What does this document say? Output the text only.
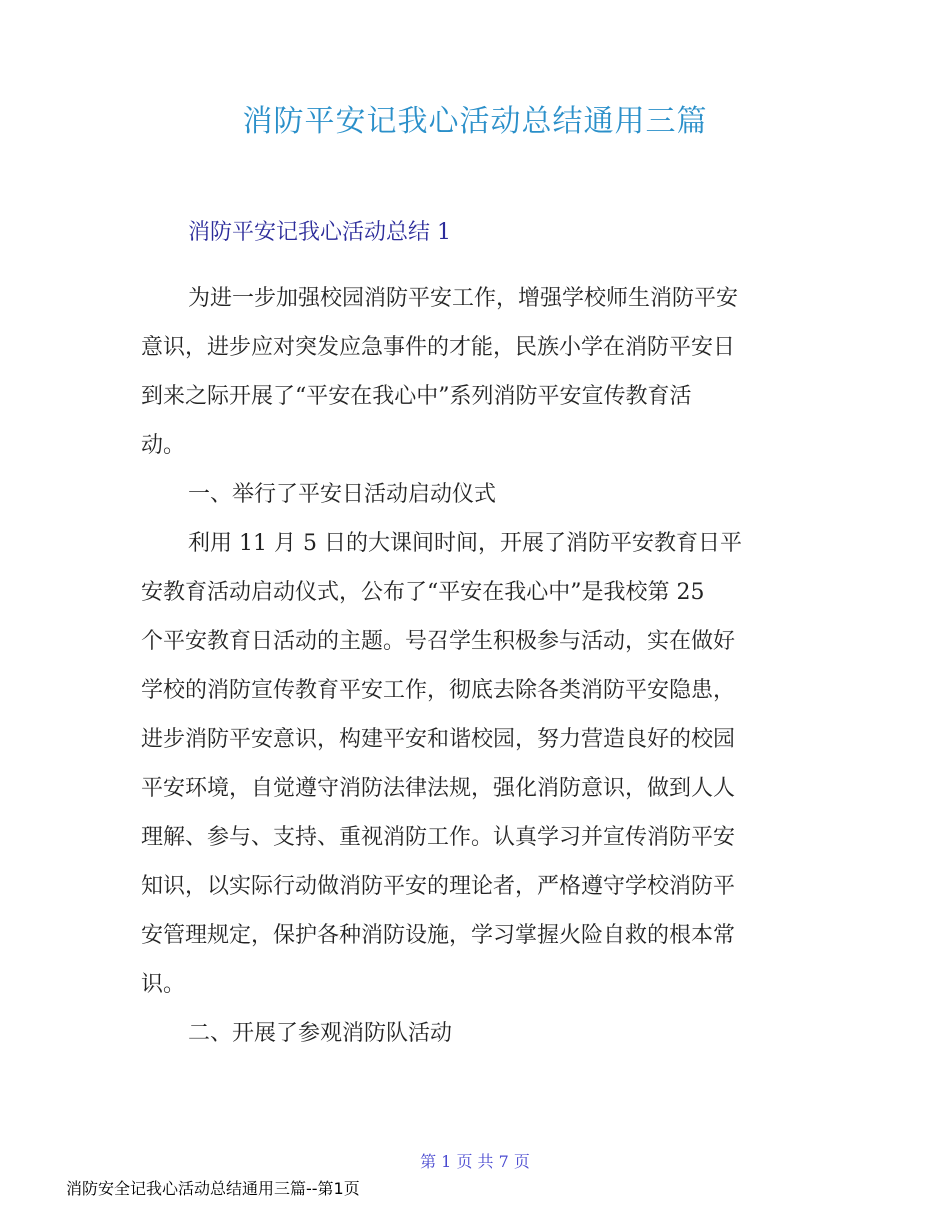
消防平安记我心活动总结通用三篇
消防平安记我心活动总结 1
为进一步加强校园消防平安工作，增强学校师生消防平安
意识，进步应对突发应急事件的才能，民族小学在消防平安日
到来之际开展了“平安在我心中”系列消防平安宣传教育活
动。
一、举行了平安日活动启动仪式
利用 11 月 5 日的大课间时间，开展了消防平安教育日平
安教育活动启动仪式，公布了“平安在我心中”是我校第 25
个平安教育日活动的主题。号召学生积极参与活动，实在做好
学校的消防宣传教育平安工作，彻底去除各类消防平安隐患，
进步消防平安意识，构建平安和谐校园，努力营造良好的校园
平安环境，自觉遵守消防法律法规，强化消防意识，做到人人
理解、参与、支持、重视消防工作。认真学习并宣传消防平安
知识，以实际行动做消防平安的理论者，严格遵守学校消防平
安管理规定，保护各种消防设施，学习掌握火险自救的根本常
识。
二、开展了参观消防队活动
第 1 页 共 7 页
消防安全记我心活动总结通用三篇--第1页
